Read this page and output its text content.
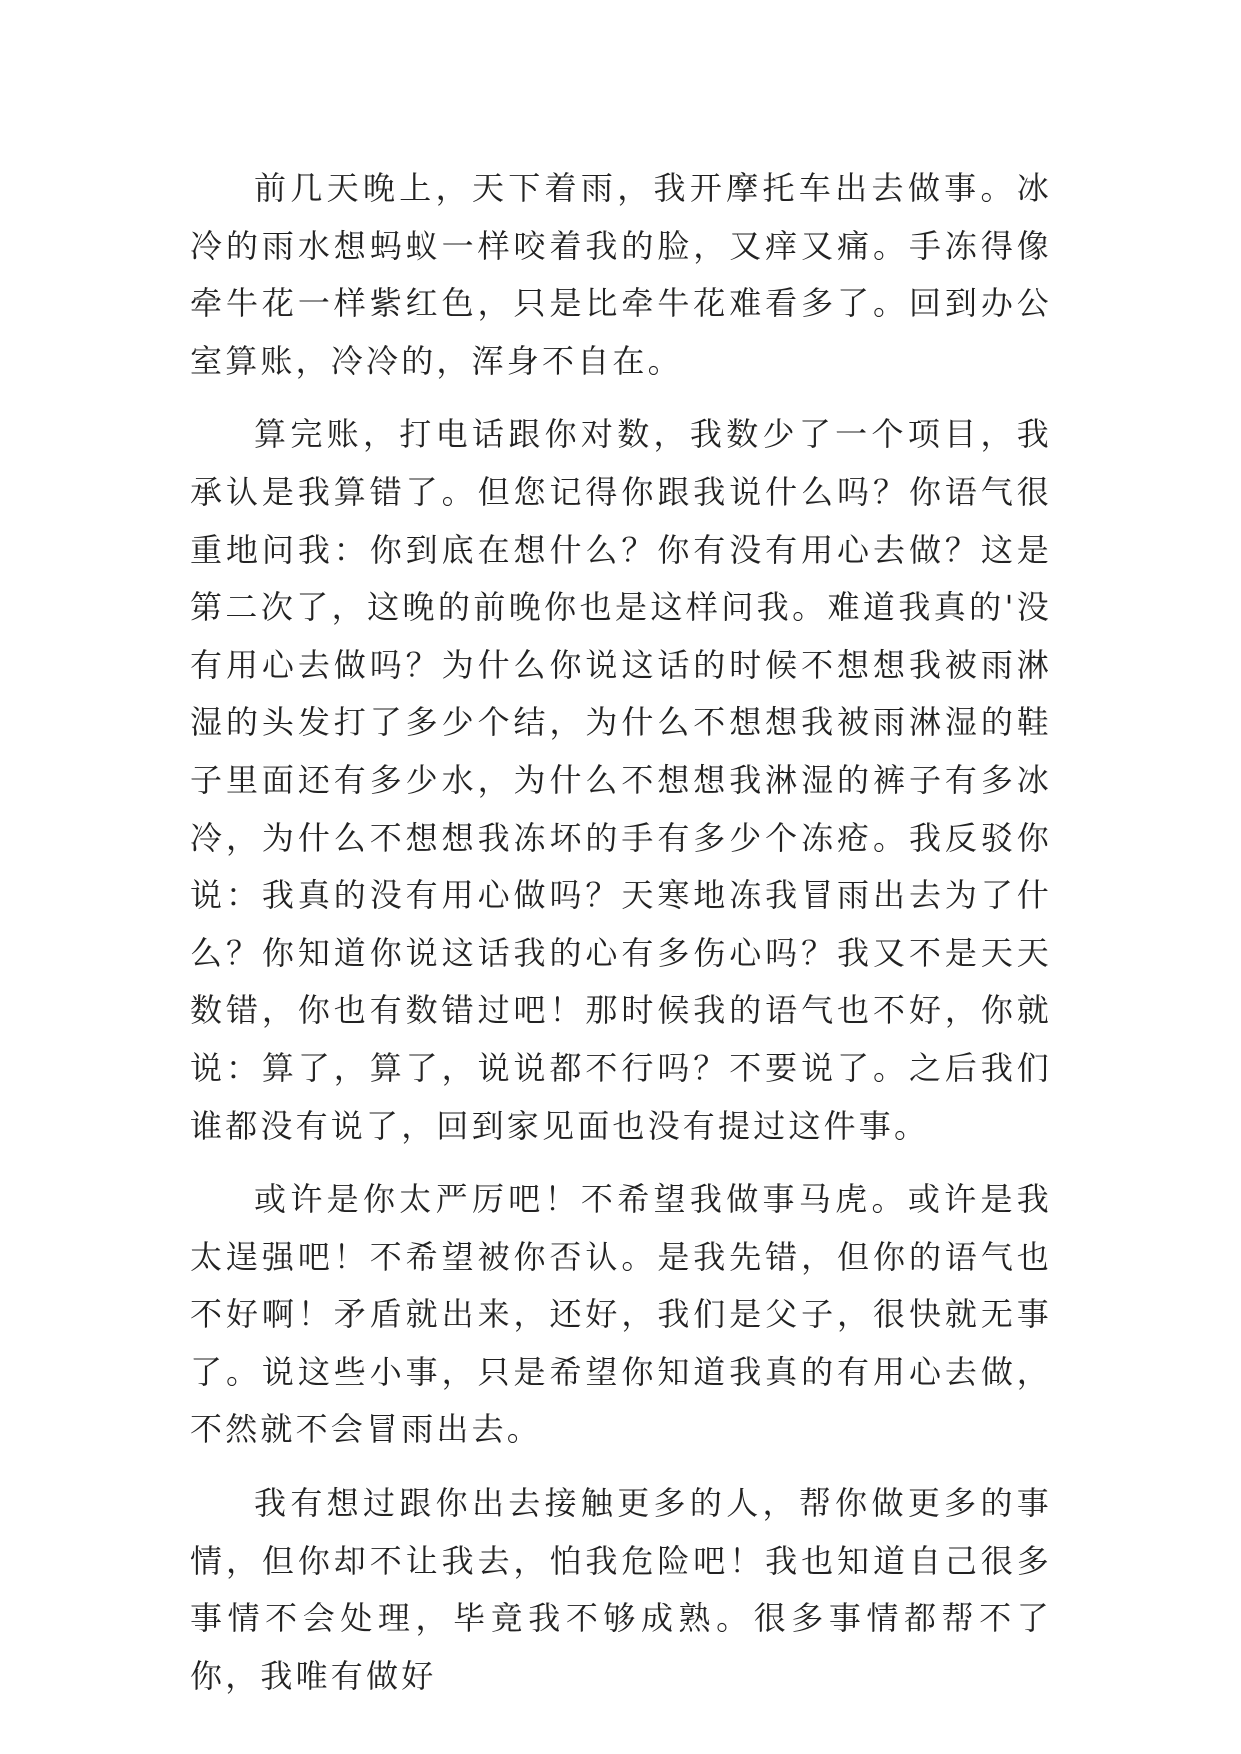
前几天晚上，天下着雨，我开摩托车出去做事。冰冷的雨水想蚂蚁一样咬着我的脸，又痒又痛。手冻得像牵牛花一样紫红色，只是比牵牛花难看多了。回到办公室算账，冷冷的，浑身不自在。

算完账，打电话跟你对数，我数少了一个项目，我承认是我算错了。但您记得你跟我说什么吗？你语气很重地问我：你到底在想什么？你有没有用心去做？这是第二次了，这晚的前晚你也是这样问我。难道我真的'没有用心去做吗？为什么你说这话的时候不想想我被雨淋湿的头发打了多少个结，为什么不想想我被雨淋湿的鞋子里面还有多少水，为什么不想想我淋湿的裤子有多冰冷，为什么不想想我冻坏的手有多少个冻疮。我反驳你说：我真的没有用心做吗？天寒地冻我冒雨出去为了什么？你知道你说这话我的心有多伤心吗？我又不是天天数错，你也有数错过吧！那时候我的语气也不好，你就说：算了，算了，说说都不行吗？不要说了。之后我们谁都没有说了，回到家见面也没有提过这件事。

或许是你太严厉吧！不希望我做事马虎。或许是我太逞强吧！不希望被你否认。是我先错，但你的语气也不好啊！矛盾就出来，还好，我们是父子，很快就无事了。说这些小事，只是希望你知道我真的有用心去做，不然就不会冒雨出去。

我有想过跟你出去接触更多的人，帮你做更多的事情，但你却不让我去，怕我危险吧！我也知道自己很多事情不会处理，毕竟我不够成熟。很多事情都帮不了你，我唯有做好
